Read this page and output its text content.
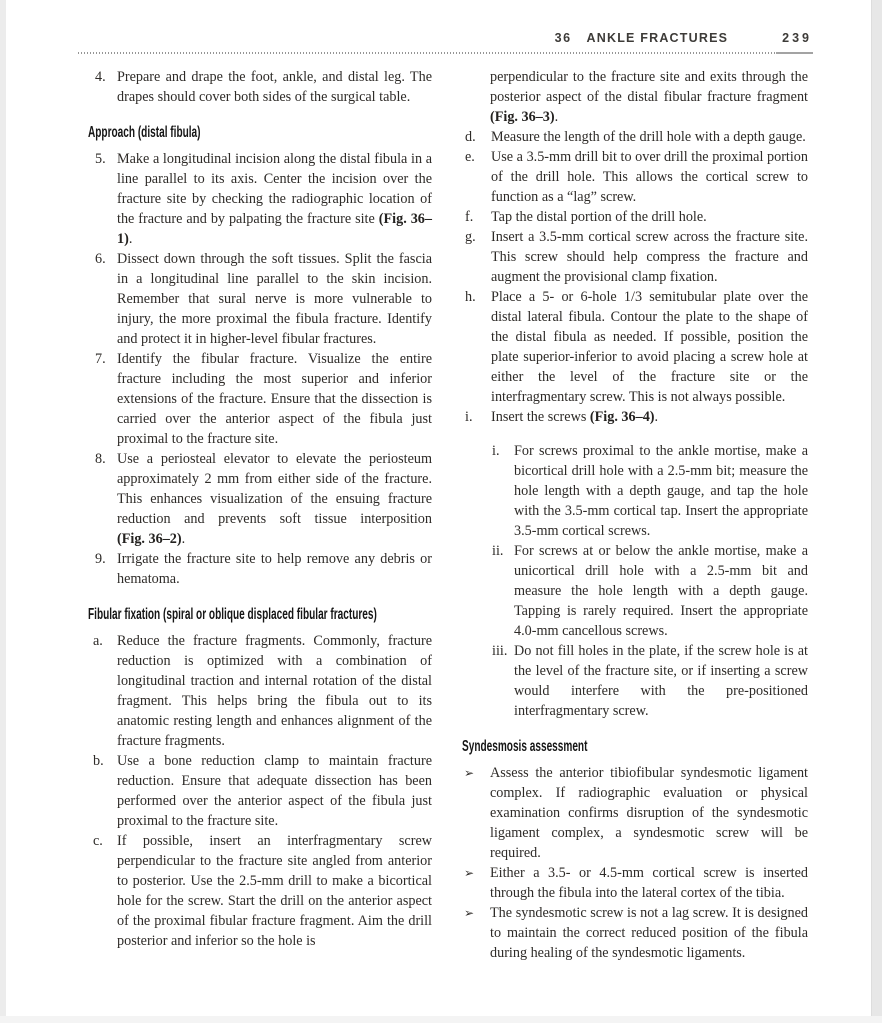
36 ANKLE FRACTURES	239
4. Prepare and drape the foot, ankle, and distal leg. The drapes should cover both sides of the surgical table.
Approach (distal fibula)
5. Make a longitudinal incision along the distal fibula in a line parallel to its axis. Center the incision over the fracture site by checking the radiographic location of the fracture and by palpating the fracture site (Fig. 36–1).
6. Dissect down through the soft tissues. Split the fascia in a longitudinal line parallel to the skin incision. Remember that sural nerve is more vulnerable to injury, the more proximal the fibula fracture. Identify and protect it in higher-level fibular fractures.
7. Identify the fibular fracture. Visualize the entire fracture including the most superior and inferior extensions of the fracture. Ensure that the dissection is carried over the anterior aspect of the fibula just proximal to the fracture site.
8. Use a periosteal elevator to elevate the periosteum approximately 2 mm from either side of the fracture. This enhances visualization of the ensuing fracture reduction and prevents soft tissue interposition (Fig. 36–2).
9. Irrigate the fracture site to help remove any debris or hematoma.
Fibular fixation (spiral or oblique displaced fibular fractures)
a. Reduce the fracture fragments. Commonly, fracture reduction is optimized with a combination of longitudinal traction and internal rotation of the distal fragment. This helps bring the fibula out to its anatomic resting length and enhances alignment of the fracture fragments.
b. Use a bone reduction clamp to maintain fracture reduction. Ensure that adequate dissection has been performed over the anterior aspect of the fibula just proximal to the fracture site.
c. If possible, insert an interfragmentary screw perpendicular to the fracture site angled from anterior to posterior. Use the 2.5-mm drill to make a bicortical hole for the screw. Start the drill on the anterior aspect of the proximal fibular fracture fragment. Aim the drill posterior and inferior so the hole is
perpendicular to the fracture site and exits through the posterior aspect of the distal fibular fracture fragment (Fig. 36–3).
d. Measure the length of the drill hole with a depth gauge.
e. Use a 3.5-mm drill bit to over drill the proximal portion of the drill hole. This allows the cortical screw to function as a “lag” screw.
f. Tap the distal portion of the drill hole.
g. Insert a 3.5-mm cortical screw across the fracture site. This screw should help compress the fracture and augment the provisional clamp fixation.
h. Place a 5- or 6-hole 1/3 semitubular plate over the distal lateral fibula. Contour the plate to the shape of the distal fibula as needed. If possible, position the plate superior-inferior to avoid placing a screw hole at either the level of the fracture site or the interfragmentary screw. This is not always possible.
i. Insert the screws (Fig. 36–4).
i. For screws proximal to the ankle mortise, make a bicortical drill hole with a 2.5-mm bit; measure the hole length with a depth gauge, and tap the hole with the 3.5-mm cortical tap. Insert the appropriate 3.5-mm cortical screws.
ii. For screws at or below the ankle mortise, make a unicortical drill hole with a 2.5-mm bit and measure the hole length with a depth gauge. Tapping is rarely required. Insert the appropriate 4.0-mm cancellous screws.
iii. Do not fill holes in the plate, if the screw hole is at the level of the fracture site, or if inserting a screw would interfere with the pre-positioned interfragmentary screw.
Syndesmosis assessment
➢ Assess the anterior tibiofibular syndesmotic ligament complex. If radiographic evaluation or physical examination confirms disruption of the syndesmotic ligament complex, a syndesmotic screw will be required.
➢ Either a 3.5- or 4.5-mm cortical screw is inserted through the fibula into the lateral cortex of the tibia.
➢ The syndesmotic screw is not a lag screw. It is designed to maintain the correct reduced position of the fibula during healing of the syndesmotic ligaments.
